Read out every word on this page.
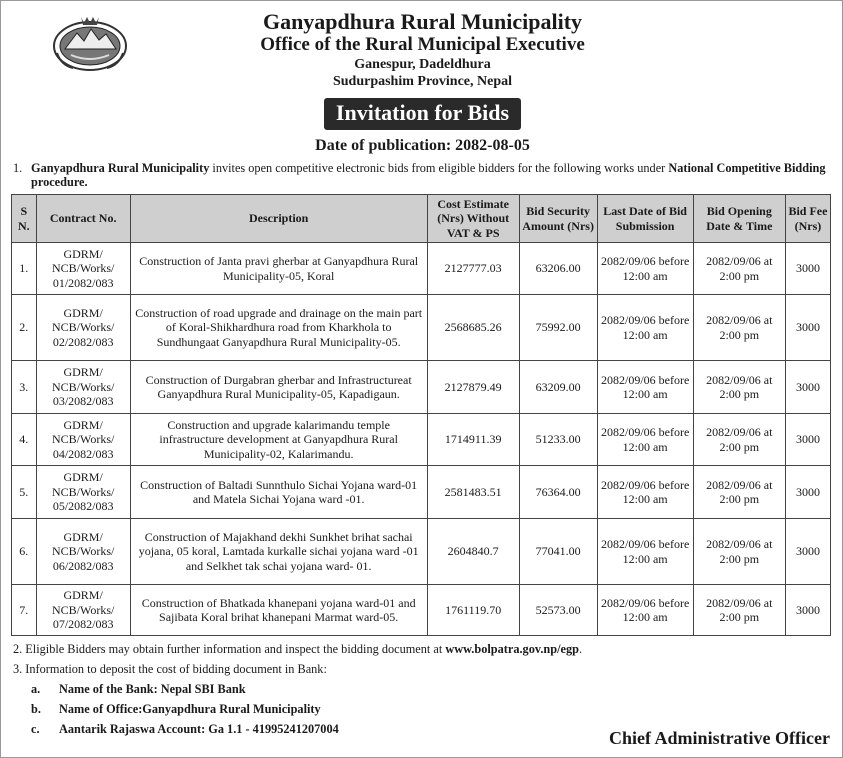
Ganyapdhura Rural Municipality
Office of the Rural Municipal Executive
Ganespur, Dadeldhura
Sudurpashim Province, Nepal
Invitation for Bids
Date of publication: 2082-08-05
1. Ganyapdhura Rural Municipality invites open competitive electronic bids from eligible bidders for the following works under National Competitive Bidding procedure.
S N.	Contract No.	Description	Cost Estimate (Nrs) Without VAT & PS	Bid Security Amount (Nrs)	Last Date of Bid Submission	Bid Opening Date & Time	Bid Fee (Nrs)
1.	GDRM/ NCB/Works/ 01/2082/083	Construction of Janta pravi gherbar at Ganyapdhura Rural Municipality-05, Koral	2127777.03	63206.00	2082/09/06 before 12:00 am	2082/09/06 at 2:00 pm	3000
2.	GDRM/ NCB/Works/ 02/2082/083	Construction of road upgrade and drainage on the main part of Koral-Shikhardhura road from Kharkhola to Sundhungaat Ganyapdhura Rural Municipality-05.	2568685.26	75992.00	2082/09/06 before 12:00 am	2082/09/06 at 2:00 pm	3000
3.	GDRM/ NCB/Works/ 03/2082/083	Construction of Durgabran gherbar and Infrastructureat Ganyapdhura Rural Municipality-05, Kapadigaun.	2127879.49	63209.00	2082/09/06 before 12:00 am	2082/09/06 at 2:00 pm	3000
4.	GDRM/ NCB/Works/ 04/2082/083	Construction and upgrade kalarimandu temple infrastructure development at Ganyapdhura Rural Municipality-02, Kalarimandu.	1714911.39	51233.00	2082/09/06 before 12:00 am	2082/09/06 at 2:00 pm	3000
5.	GDRM/ NCB/Works/ 05/2082/083	Construction of Baltadi Sunnthulo Sichai Yojana ward-01 and Matela Sichai Yojana ward -01.	2581483.51	76364.00	2082/09/06 before 12:00 am	2082/09/06 at 2:00 pm	3000
6.	GDRM/ NCB/Works/ 06/2082/083	Construction of Majakhand dekhi Sunkhet brihat sachai yojana, 05 koral, Lamtada kurkalle sichai yojana ward -01 and Selkhet tak schai yojana ward- 01.	2604840.7	77041.00	2082/09/06 before 12:00 am	2082/09/06 at 2:00 pm	3000
7.	GDRM/ NCB/Works/ 07/2082/083	Construction of Bhatkada khanepani yojana ward-01 and Sajibata Koral brihat khanepani Marmat ward-05.	1761119.70	52573.00	2082/09/06 before 12:00 am	2082/09/06 at 2:00 pm	3000
2. Eligible Bidders may obtain further information and inspect the bidding document at www.bolpatra.gov.np/egp.
3. Information to deposit the cost of bidding document in Bank:
a. Name of the Bank: Nepal SBI Bank
b. Name of Office:Ganyapdhura Rural Municipality
c. Aantarik Rajaswa Account: Ga 1.1 - 41995241207004	Chief Administrative Officer
